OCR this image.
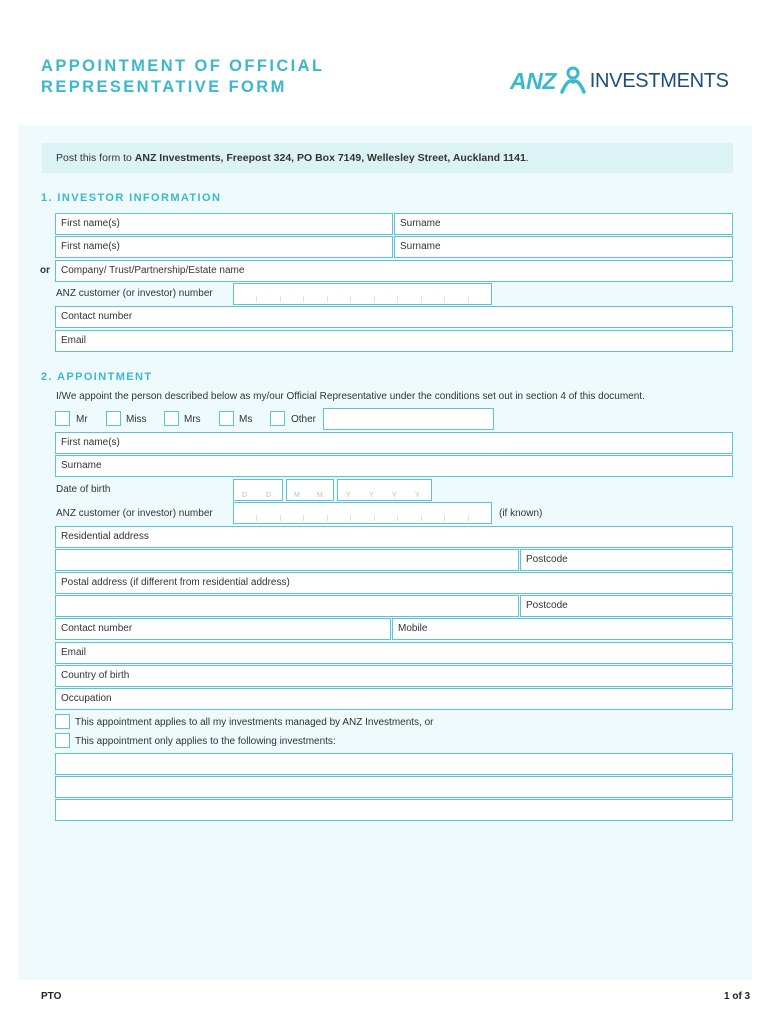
APPOINTMENT OF OFFICIAL
REPRESENTATIVE FORM	ANZ INVESTMENTS
Post this form to ANZ Investments, Freepost 324, PO Box 7149, Wellesley Street, Auckland 1141.
1. INVESTOR INFORMATION
First name(s)	Surname
First name(s)	Surname
or	Company/ Trust/Partnership/Estate name
ANZ customer (or investor) number
Contact number
Email
2. APPOINTMENT
I/We appoint the person described below as my/our Official Representative under the conditions set out in section 4 of this document.
Mr	Miss	Mrs	Ms	Other
First name(s)
Surname
Date of birth
D	D	M M	Y	Y	Y	Y
ANZ customer (or investor) number	(if known)
Residential address
Postcode
Postal address (if different from residential address)
Postcode
Contact number	Mobile
Email
Country of birth
Occupation
This appointment applies to all my investments managed by ANZ Investments, or
This appointment only applies to the following investments:
PTO	1 of 3
